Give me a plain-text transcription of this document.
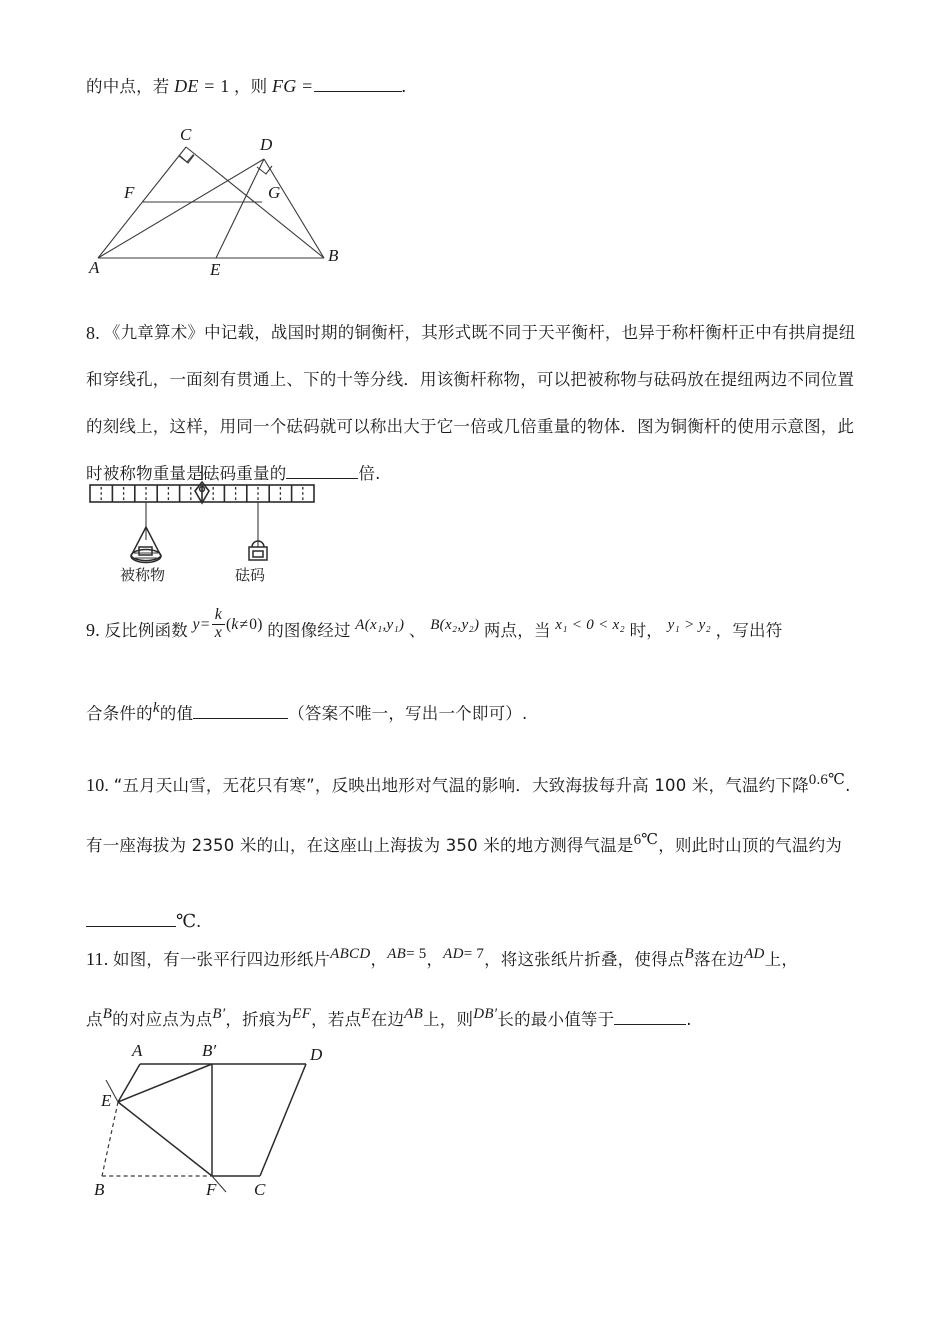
的中点，若 DE = 1 ，则 FG =	.
A
B
C
D
E
F	G
8. 《九章算术》中记载，战国时期的铜衡杆，其形式既不同于天平衡杆，也异于称杆衡杆正中有拱肩提纽
和穿线孔，一面刻有贯通上、下的十等分线．用该衡杆称物，可以把被称物与砝码放在提纽两边不同位置
的刻线上，这样，用同一个砝码就可以称出大于它一倍或几倍重量的物体．图为铜衡杆的使用示意图，此
时被称物重量是砝码重量的	倍.
被称物	砝码
9. 反比例函数 $y= \frac{k}{x} (k\ne 0)$ 的图像经过 A(x₁,y₁) 、 B(x₂,y₂) 两点，当 x₁ < 0 < x₂ 时， y₁ > y₂ ，写出符
合条件的k的值	（答案不唯一，写出一个即可）.
10. “五月天山雪，无花只有寒”，反映出地形对气温的影响．大致海拔每升高 100 米，气温约下降0.6℃.
有一座海拔为 2350 米的山，在这座山上海拔为 350 米的地方测得气温是6℃，则此时山顶的气温约为
℃.
11. 如图，有一张平行四边形纸片ABCD，AB= 5，AD= 7，将这张纸片折叠，使得点B落在边AD上，
点B的对应点为点B′，折痕为EF，若点E在边AB上，则DB′长的最小值等于	.
A	B′	D
E
B	F C
